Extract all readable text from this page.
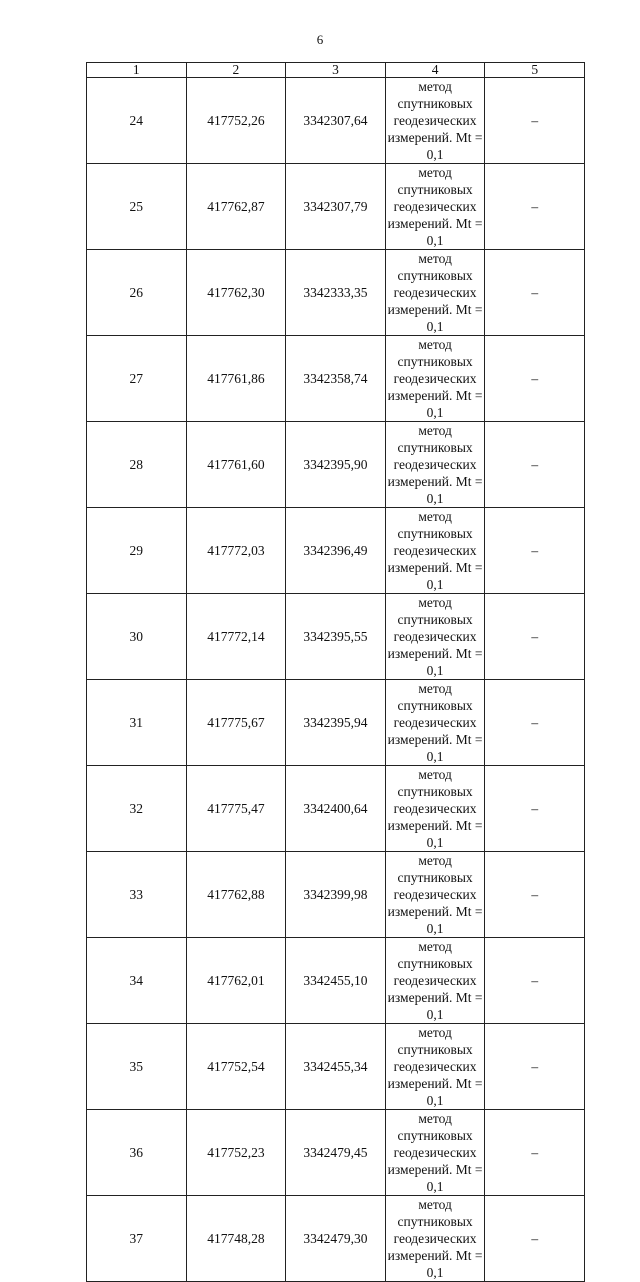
6
1	2	3	4	5
24	417752,26	3342307,64	метод спутниковых
геодезических
измерений. Mt = 0,1	–
25	417762,87	3342307,79	метод спутниковых
геодезических
измерений. Mt = 0,1	–
26	417762,30	3342333,35	метод спутниковых
геодезических
измерений. Mt = 0,1	–
27	417761,86	3342358,74	метод спутниковых
геодезических
измерений. Mt = 0,1	–
28	417761,60	3342395,90	метод спутниковых
геодезических
измерений. Mt = 0,1	–
29	417772,03	3342396,49	метод спутниковых
геодезических
измерений. Mt = 0,1	–
30	417772,14	3342395,55	метод спутниковых
геодезических
измерений. Mt = 0,1	–
31	417775,67	3342395,94	метод спутниковых
геодезических
измерений. Mt = 0,1	–
32	417775,47	3342400,64	метод спутниковых
геодезических
измерений. Mt = 0,1	–
33	417762,88	3342399,98	метод спутниковых
геодезических
измерений. Mt = 0,1	–
34	417762,01	3342455,10	метод спутниковых
геодезических
измерений. Mt = 0,1	–
35	417752,54	3342455,34	метод спутниковых
геодезических
измерений. Mt = 0,1	–
36	417752,23	3342479,45	метод спутниковых
геодезических
измерений. Mt = 0,1	–
37	417748,28	3342479,30	метод спутниковых
геодезических
измерений. Mt = 0,1	–
